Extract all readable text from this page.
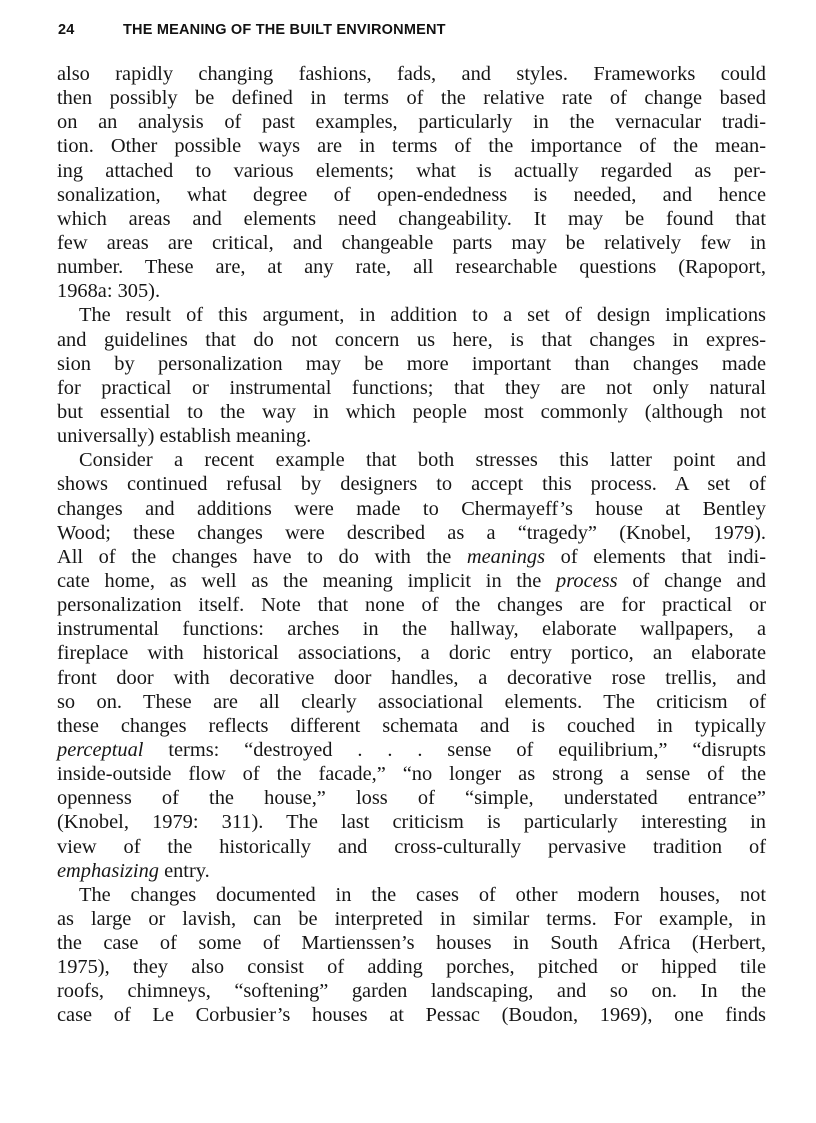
24	THE MEANING OF THE BUILT ENVIRONMENT
also rapidly changing fashions, fads, and styles. Frameworks could
then possibly be defined in terms of the relative rate of change based
on an analysis of past examples, particularly in the vernacular tradi-
tion. Other possible ways are in terms of the importance of the mean-
ing attached to various elements; what is actually regarded as per-
sonalization, what degree of open-endedness is needed, and hence
which areas and elements need changeability. It may be found that
few areas are critical, and changeable parts may be relatively few in
number. These are, at any rate, all researchable questions (Rapoport,
1968a: 305).
The result of this argument, in addition to a set of design implications
and guidelines that do not concern us here, is that changes in expres-
sion by personalization may be more important than changes made
for practical or instrumental functions; that they are not only natural
but essential to the way in which people most commonly (although not
universally) establish meaning.
Consider a recent example that both stresses this latter point and
shows continued refusal by designers to accept this process. A set of
changes and additions were made to Chermayeff’s house at Bentley
Wood; these changes were described as a “tragedy” (Knobel, 1979).
All of the changes have to do with the meanings of elements that indi-
cate home, as well as the meaning implicit in the process of change and
personalization itself. Note that none of the changes are for practical or
instrumental functions: arches in the hallway, elaborate wallpapers, a
fireplace with historical associations, a doric entry portico, an elaborate
front door with decorative door handles, a decorative rose trellis, and
so on. These are all clearly associational elements. The criticism of
these changes reflects different schemata and is couched in typically
perceptual terms: “destroyed . . . sense of equilibrium,” “disrupts
inside-outside flow of the facade,” “no longer as strong a sense of the
openness of the house,” loss of “simple, understated entrance”
(Knobel, 1979: 311). The last criticism is particularly interesting in
view of the historically and cross-culturally pervasive tradition of
emphasizing entry.
The changes documented in the cases of other modern houses, not
as large or lavish, can be interpreted in similar terms. For example, in
the case of some of Martienssen’s houses in South Africa (Herbert,
1975), they also consist of adding porches, pitched or hipped tile
roofs, chimneys, “softening” garden landscaping, and so on. In the
case of Le Corbusier’s houses at Pessac (Boudon, 1969), one finds
